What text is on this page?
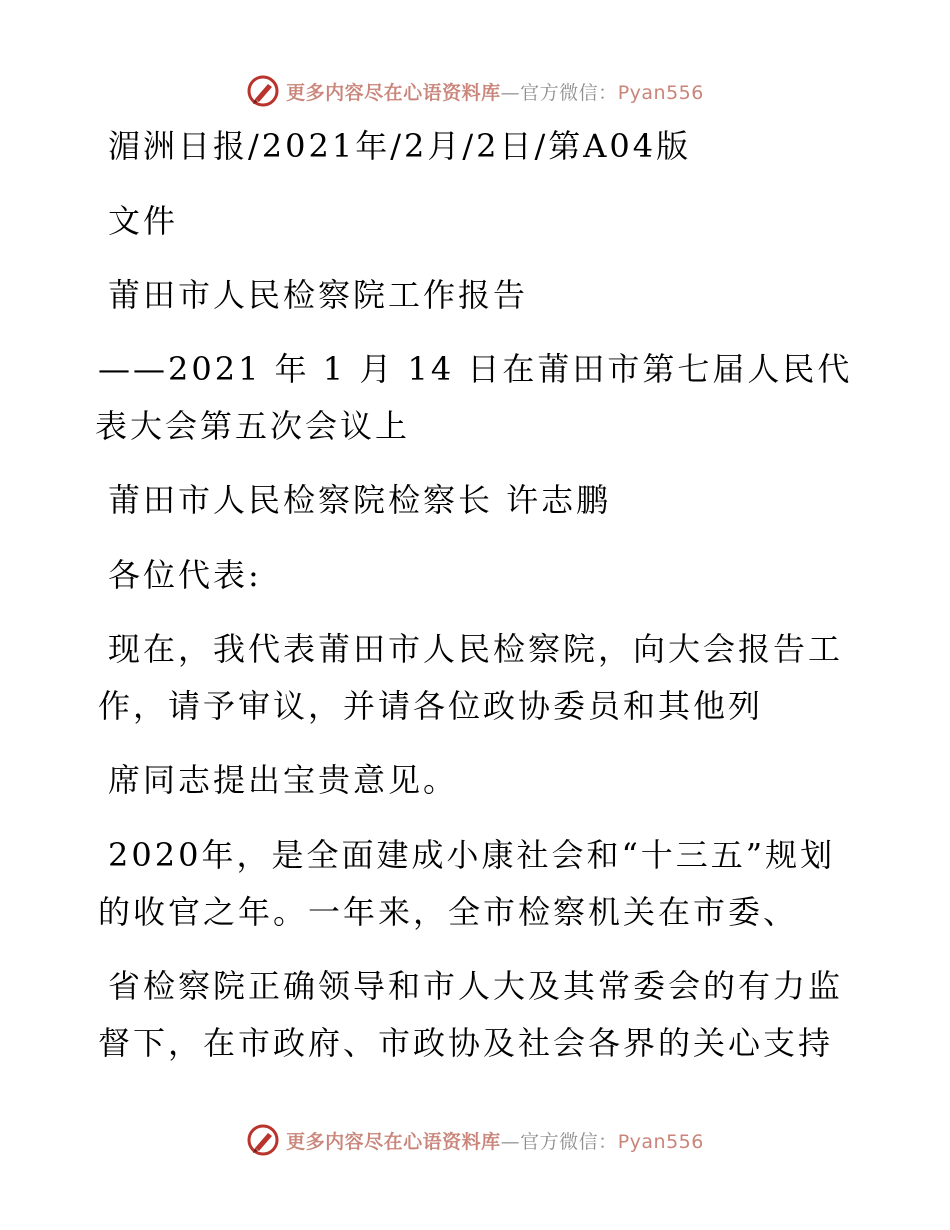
更多内容尽在心语资料库—官方微信：Pyan556
湄洲日报/2021年/2月/2日/第A04版
文件
莆田市人民检察院工作报告
——2021 年 1 月 14 日在莆田市第七届人民代
表大会第五次会议上
莆田市人民检察院检察长 许志鹏
各位代表:
现在，我代表莆田市人民检察院，向大会报告工
作，请予审议，并请各位政协委员和其他列
席同志提出宝贵意见。
2020年，是全面建成小康社会和“十三五”规划
的收官之年。一年来，全市检察机关在市委、
省检察院正确领导和市人大及其常委会的有力监
督下，在市政府、市政协及社会各界的关心支持
更多内容尽在心语资料库—官方微信：Pyan556
